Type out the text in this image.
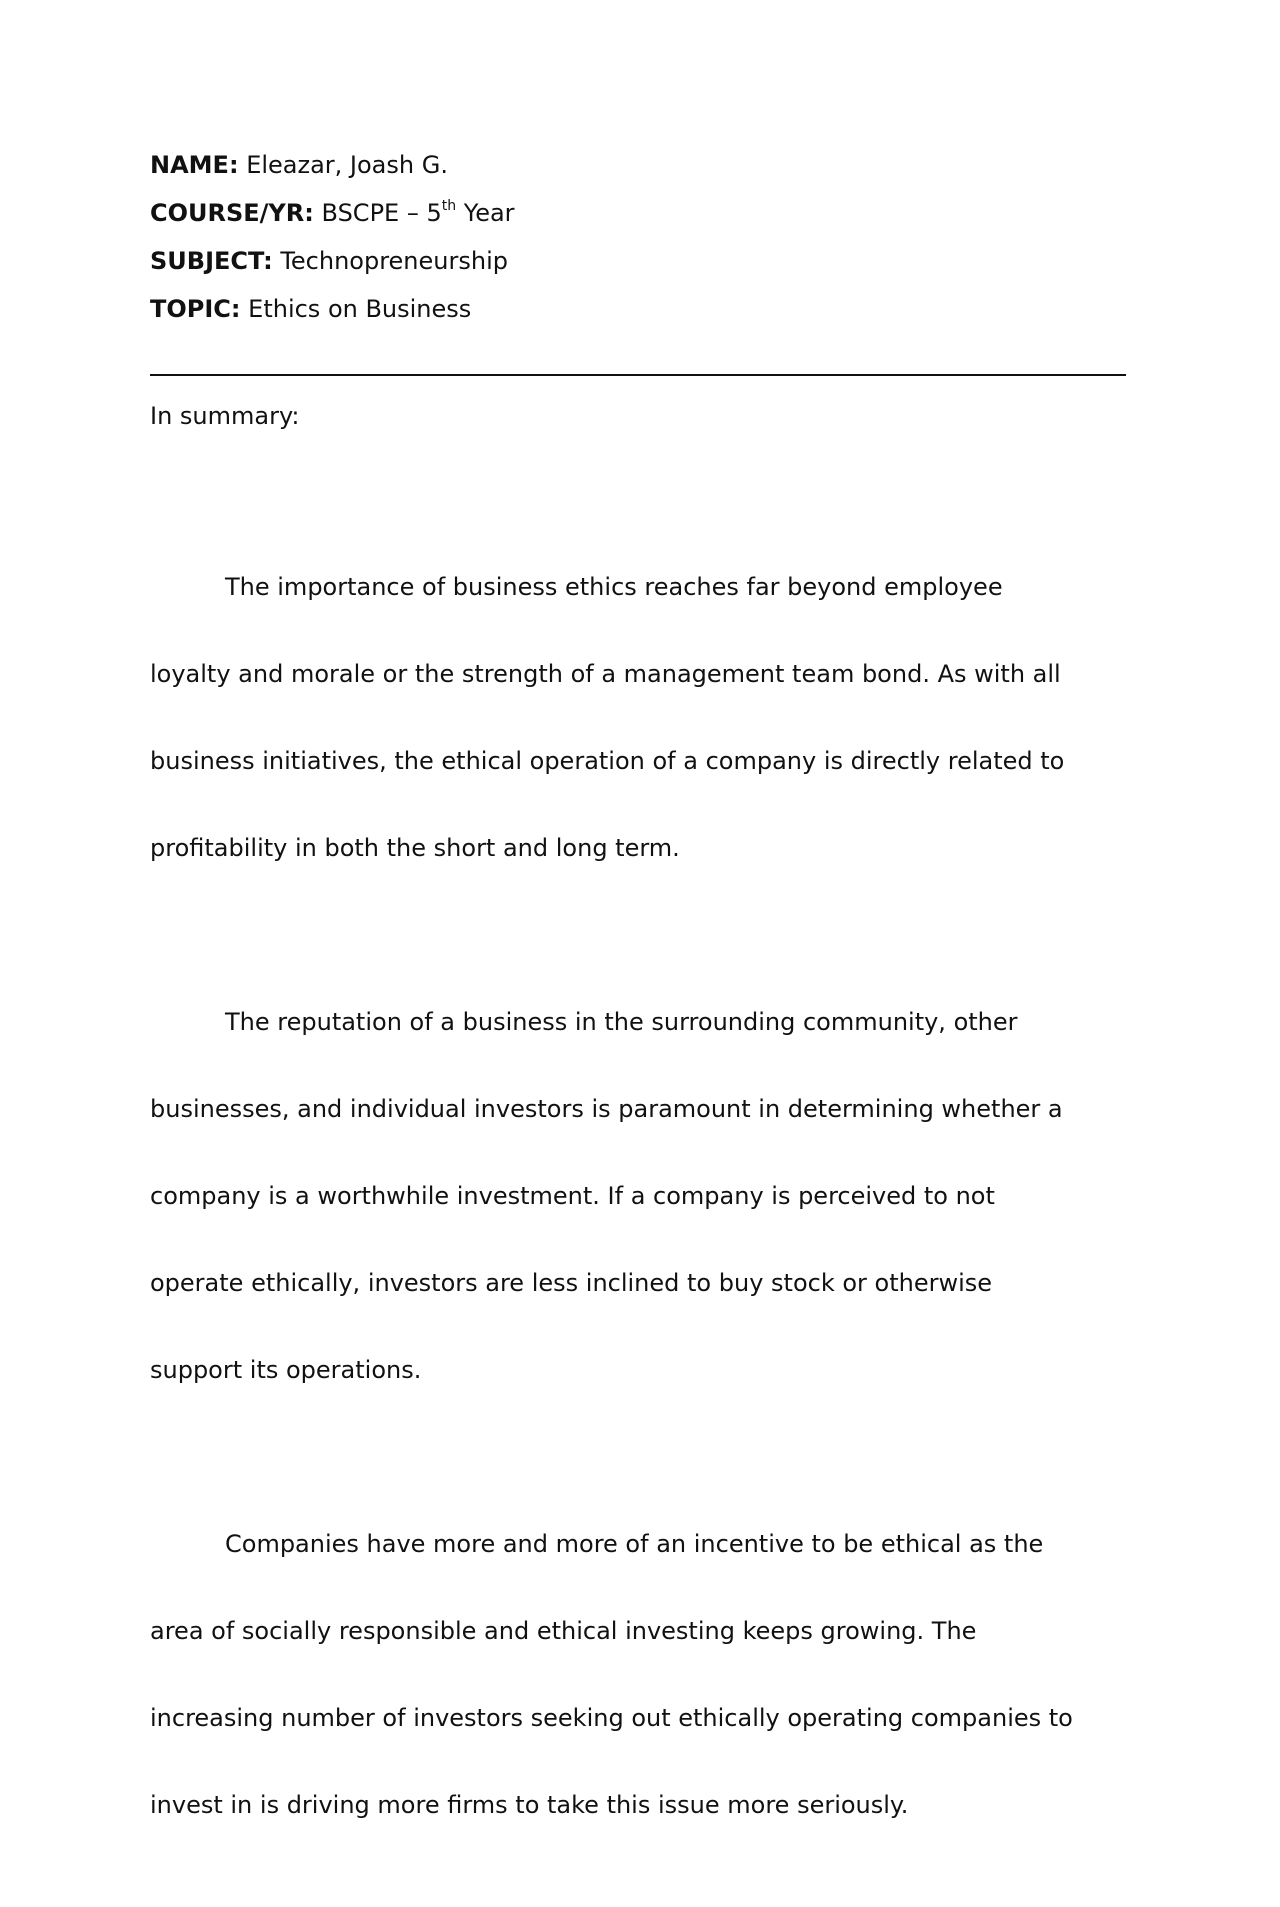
NAME: Eleazar, Joash G.
COURSE/YR: BSCPE – 5th Year
SUBJECT: Technopreneurship
TOPIC: Ethics on Business
In summary:

The importance of business ethics reaches far beyond employee

loyalty and morale or the strength of a management team bond. As with all

business initiatives, the ethical operation of a company is directly related to

profitability in both the short and long term.

The reputation of a business in the surrounding community, other

businesses, and individual investors is paramount in determining whether a

company is a worthwhile investment. If a company is perceived to not

operate ethically, investors are less inclined to buy stock or otherwise

support its operations.

Companies have more and more of an incentive to be ethical as the

area of socially responsible and ethical investing keeps growing. The

increasing number of investors seeking out ethically operating companies to

invest in is driving more firms to take this issue more seriously.
